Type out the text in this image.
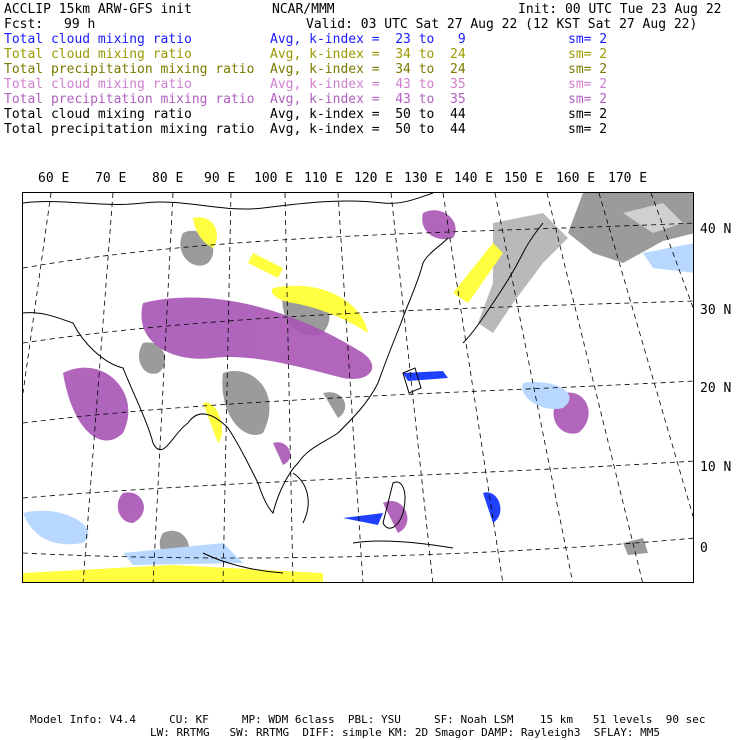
ACCLIP 15km ARW-GFS init	NCAR/MMM	Init: 00 UTC Tue 23 Aug 22
Fcst: 99 h	Valid: 03 UTC Sat 27 Aug 22 (12 KST Sat 27 Aug 22)
Total cloud mixing ratio	Avg, k-index =  23 to   9	sm= 2
Total cloud mixing ratio	Avg, k-index =  34 to  24	sm= 2
Total precipitation mixing ratio Avg, k-index =  34 to  24	sm= 2
Total cloud mixing ratio	Avg, k-index =  43 to  35	sm= 2
Total precipitation mixing ratio Avg, k-index =  43 to  35	sm= 2
Total cloud mixing ratio	Avg, k-index =  50 to  44	sm= 2
Total precipitation mixing ratio Avg, k-index =  50 to  44	sm= 2
60 E 70 E 80 E 90 E 100 E 110 E 120 E 130 E 140 E 150 E 160 E 170 E
40 N
30 N
20 N
10 N
0
Model Info: V4.4     CU: KF     MP: WDM 6class  PBL: YSU     SF: Noah LSM    15 km   51 levels  90 sec
LW: RRTMG   SW: RRTMG  DIFF: simple KM: 2D Smagor DAMP: Rayleigh3  SFLAY: MM5
